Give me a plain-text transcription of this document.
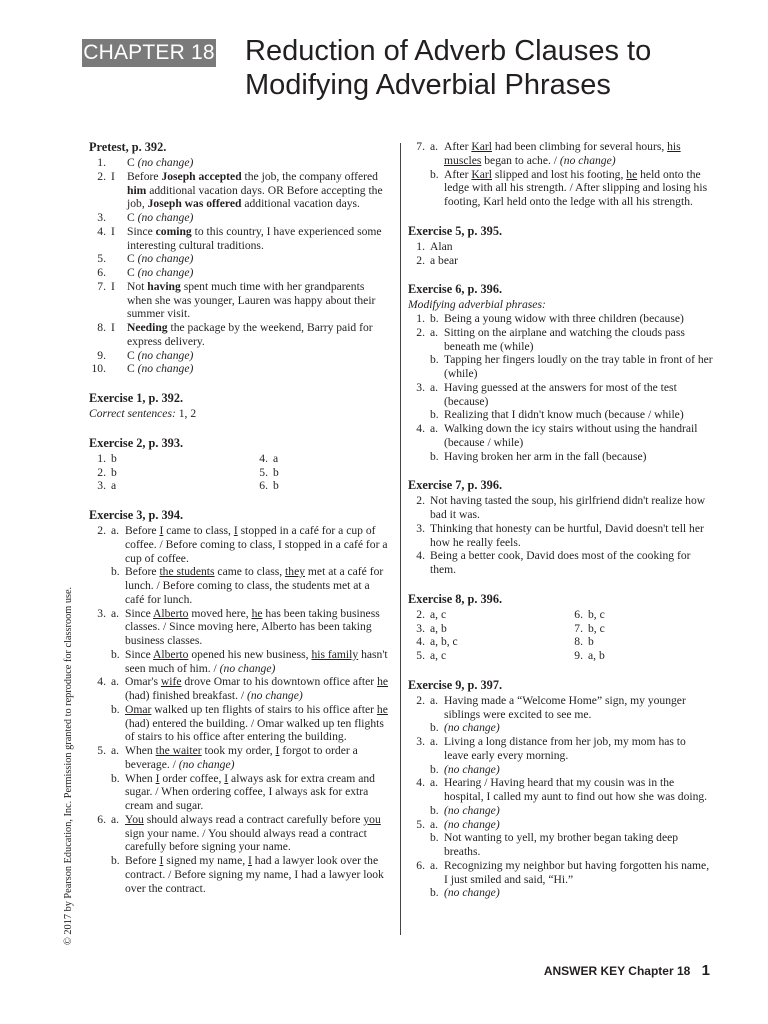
CHAPTER 18 Reduction of Adverb Clauses to
Modifying Adverbial Phrases
Pretest, p. 392.
1.	C (no change)
2. I	Before Joseph accepted the job, the company offered him additional vacation days. OR Before accepting the job, Joseph was offered additional vacation days.
3.	C (no change)
4. I	Since coming to this country, I have experienced some interesting cultural traditions.
5.	C (no change)
6.	C (no change)
7. I	Not having spent much time with her grandparents when she was younger, Lauren was happy about their summer visit.
8. I	Needing the package by the weekend, Barry paid for express delivery.
9.	C (no change)
10.	C (no change)
Exercise 1, p. 392.
Correct sentences: 1, 2
Exercise 2, p. 393.
1. b	4. a
2. b	5. b
3. a	6. b
Exercise 3, p. 394.
2. a. Before I came to class, I stopped in a café for a cup of coffee. / Before coming to class, I stopped in a café for a cup of coffee.
b. Before the students came to class, they met at a café for lunch. / Before coming to class, the students met at a café for lunch.
3. a. Since Alberto moved here, he has been taking business classes. / Since moving here, Alberto has been taking business classes.
b. Since Alberto opened his new business, his family hasn't seen much of him. / (no change)
4. a. Omar's wife drove Omar to his downtown office after he (had) finished breakfast. / (no change)
b. Omar walked up ten flights of stairs to his office after he (had) entered the building. / Omar walked up ten flights of stairs to his office after entering the building.
5. a. When the waiter took my order, I forgot to order a beverage. / (no change)
b. When I order coffee, I always ask for extra cream and sugar. / When ordering coffee, I always ask for extra cream and sugar.
6. a. You should always read a contract carefully before you sign your name. / You should always read a contract carefully before signing your name.
b. Before I signed my name, I had a lawyer look over the contract. / Before signing my name, I had a lawyer look over the contract.
7. a. After Karl had been climbing for several hours, his muscles began to ache. / (no change)
b. After Karl slipped and lost his footing, he held onto the ledge with all his strength. / After slipping and losing his footing, Karl held onto the ledge with all his strength.
Exercise 5, p. 395.
1. Alan
2. a bear
Exercise 6, p. 396.
Modifying adverbial phrases:
1. b. Being a young widow with three children (because)
2. a. Sitting on the airplane and watching the clouds pass beneath me (while)
b. Tapping her fingers loudly on the tray table in front of her (while)
3. a. Having guessed at the answers for most of the test (because)
b. Realizing that I didn't know much (because / while)
4. a. Walking down the icy stairs without using the handrail (because / while)
b. Having broken her arm in the fall (because)
Exercise 7, p. 396.
2. Not having tasted the soup, his girlfriend didn't realize how bad it was.
3. Thinking that honesty can be hurtful, David doesn't tell her how he really feels.
4. Being a better cook, David does most of the cooking for them.
Exercise 8, p. 396.
2. a, c	6. b, c
3. a, b	7. b, c
4. a, b, c	8. b
5. a, c	9. a, b
Exercise 9, p. 397.
2. a. Having made a “Welcome Home” sign, my younger siblings were excited to see me.
b. (no change)
3. a. Living a long distance from her job, my mom has to leave early every morning.
b. (no change)
4. a. Hearing / Having heard that my cousin was in the hospital, I called my aunt to find out how she was doing.
b. (no change)
5. a. (no change)
b. Not wanting to yell, my brother began taking deep breaths.
6. a. Recognizing my neighbor but having forgotten his name, I just smiled and said, “Hi.”
b. (no change)
© 2017 by Pearson Education, Inc. Permission granted to reproduce for classroom use.
ANSWER KEY Chapter 18 1
